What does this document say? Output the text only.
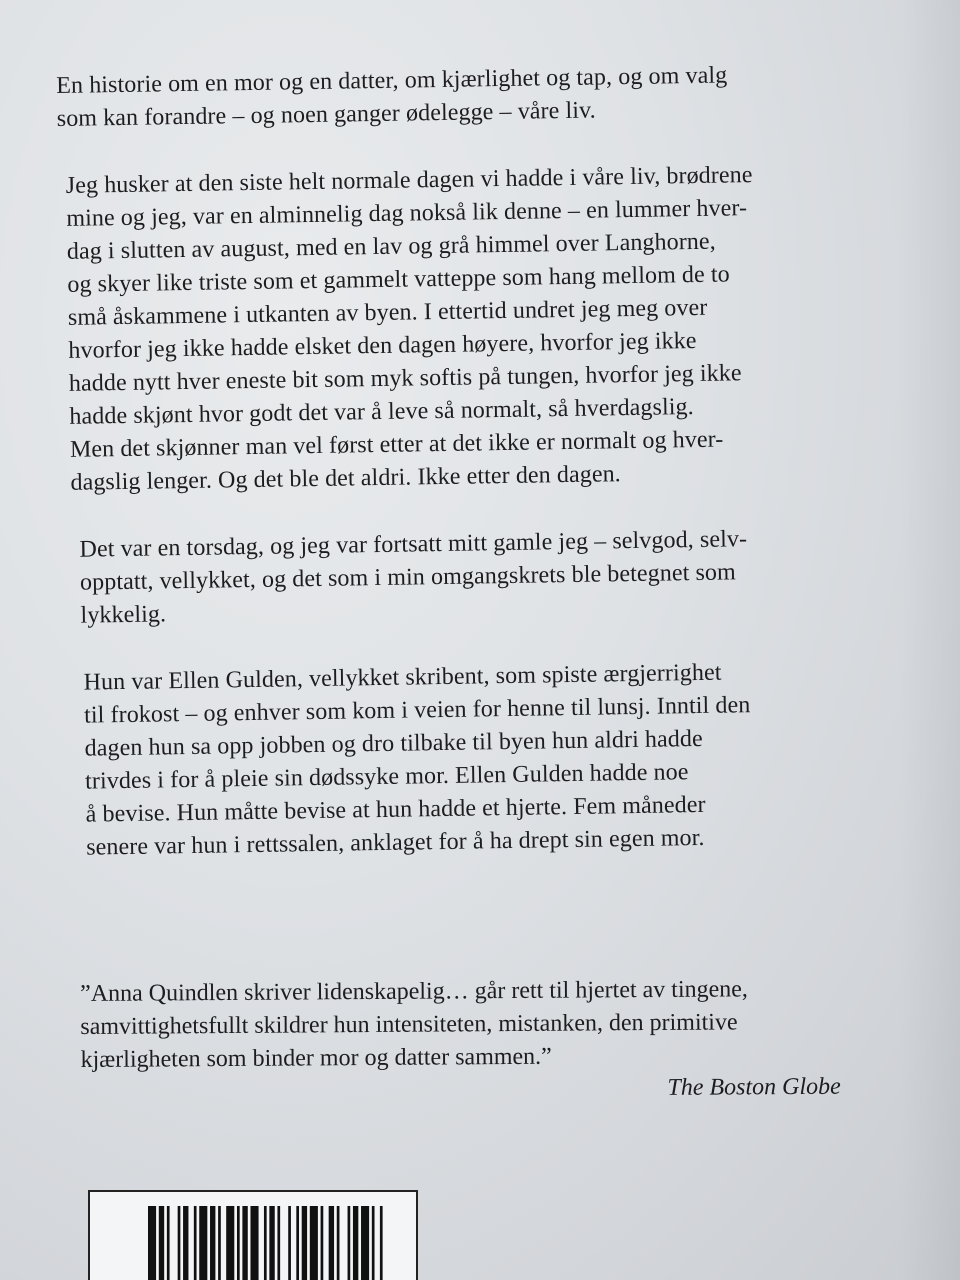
En historie om en mor og en datter, om kjærlighet og tap, og om valg
som kan forandre – og noen ganger ødelegge – våre liv.

Jeg husker at den siste helt normale dagen vi hadde i våre liv, brødrene
mine og jeg, var en alminnelig dag nokså lik denne – en lummer hver-
dag i slutten av august, med en lav og grå himmel over Langhorne,
og skyer like triste som et gammelt vatteppe som hang mellom de to
små åskammene i utkanten av byen. I ettertid undret jeg meg over
hvorfor jeg ikke hadde elsket den dagen høyere, hvorfor jeg ikke
hadde nytt hver eneste bit som myk softis på tungen, hvorfor jeg ikke
hadde skjønt hvor godt det var å leve så normalt, så hverdagslig.
Men det skjønner man vel først etter at det ikke er normalt og hver-
dagslig lenger. Og det ble det aldri. Ikke etter den dagen.

Det var en torsdag, og jeg var fortsatt mitt gamle jeg – selvgod, selv-
opptatt, vellykket, og det som i min omgangskrets ble betegnet som
lykkelig.

Hun var Ellen Gulden, vellykket skribent, som spiste ærgjerrighet
til frokost – og enhver som kom i veien for henne til lunsj. Inntil den
dagen hun sa opp jobben og dro tilbake til byen hun aldri hadde
trivdes i for å pleie sin dødssyke mor. Ellen Gulden hadde noe
å bevise. Hun måtte bevise at hun hadde et hjerte. Fem måneder
senere var hun i rettssalen, anklaget for å ha drept sin egen mor.

”Anna Quindlen skriver lidenskapelig… går rett til hjertet av tingene,
samvittighetsfullt skildrer hun intensiteten, mistanken, den primitive
kjærligheten som binder mor og datter sammen.”

The Boston Globe
